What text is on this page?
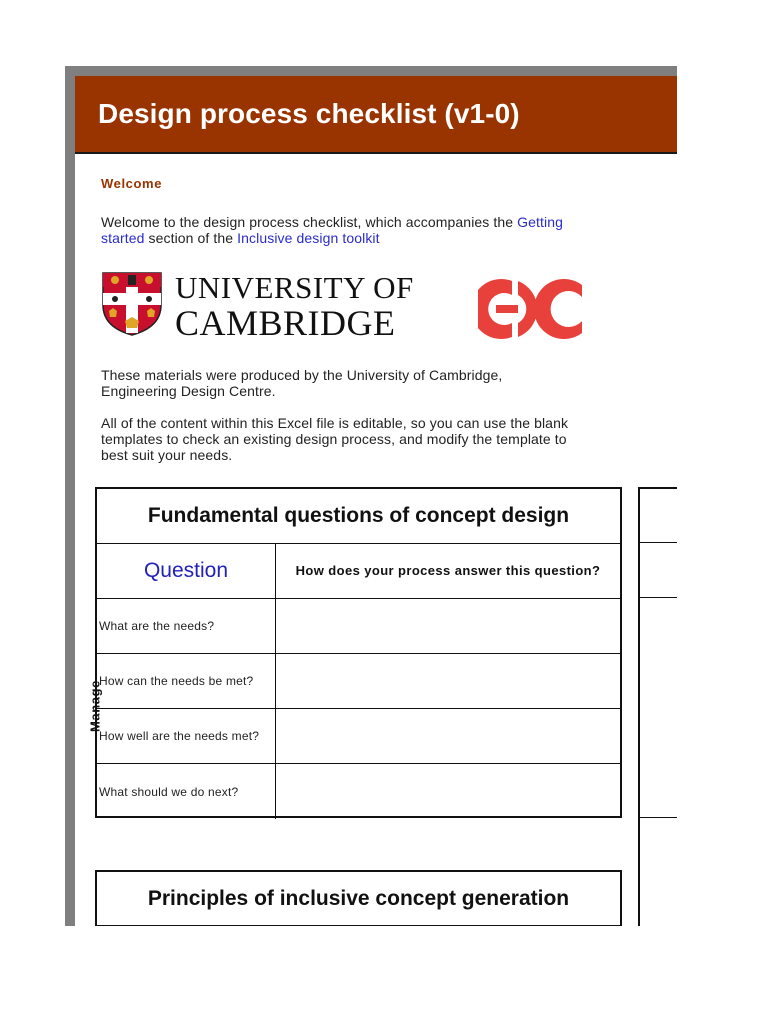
Design process checklist (v1-0)

Welcome

Welcome to the design process checklist, which accompanies the Getting started section of the Inclusive design toolkit

UNIVERSITY OF

CAMBRIDGE

These materials were produced by the University of Cambridge, Engineering Design Centre.

All of the content within this Excel file is editable, so you can use the blank templates to check an existing design process, and modify the template to best suit your needs.

Fundamental questions of concept design
Question	How does your process answer this question?
What are the needs?
How can the needs be met?
How well are the needs met?
What should we do next?
Principles of inclusive concept generation

Manage
